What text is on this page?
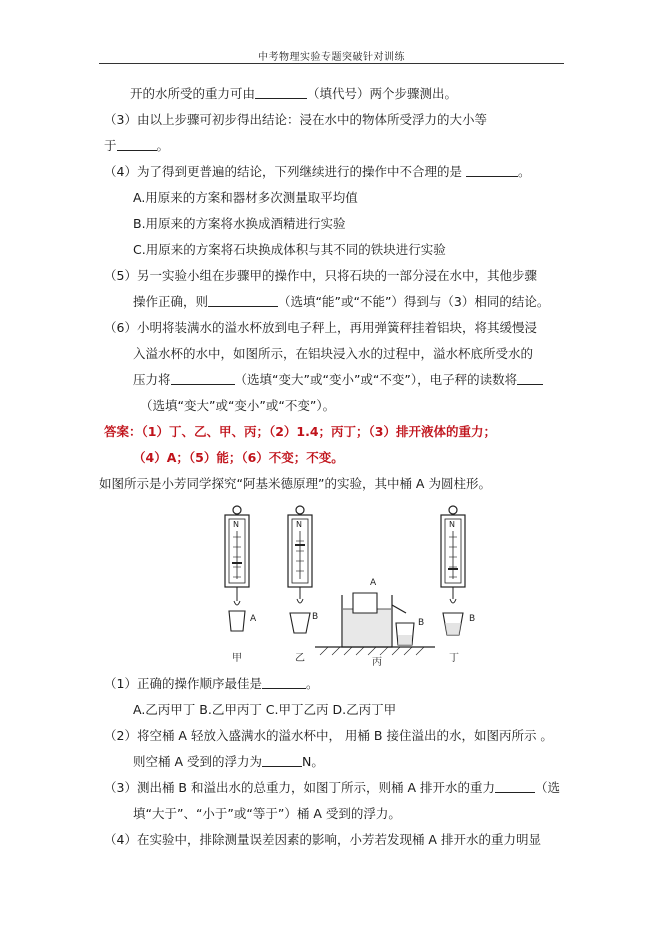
中考物理实验专题突破针对训练
开的水所受的重力可由	（填代号）两个步骤测出。
（3）由以上步骤可初步得出结论：浸在水中的物体所受浮力的大小等
于	。
（4）为了得到更普遍的结论，下列继续进行的操作中不合理的是	。
A.用原来的方案和器材多次测量取平均值
B.用原来的方案将水换成酒精进行实验
C.用原来的方案将石块换成体积与其不同的铁块进行实验
（5）另一实验小组在步骤甲的操作中，只将石块的一部分浸在水中，其他步骤
操作正确，则	（选填“能”或“不能”）得到与（3）相同的结论。
（6）小明将装满水的溢水杯放到电子秤上，再用弹簧秤挂着铝块，将其缓慢浸
入溢水杯的水中，如图所示，在铝块浸入水的过程中，溢水杯底所受水的
压力将	（选填“变大”或“变小”或“不变”），电子秤的读数将
（选填“变大”或“变小”或“不变”）。
答案：（1）丁、乙、甲、丙；（2）1.4；丙丁；（3）排开液体的重力；
（4）A；（5）能；（6）不变；不变。
如图所示是小芳同学探究“阿基米德原理”的实验，其中桶 A 为圆柱形。
N
A
甲
N
B
乙
A
B
丙
N
B
丁
（1）正确的操作顺序最佳是	。
A.乙丙甲丁 B.乙甲丙丁 C.甲丁乙丙 D.乙丙丁甲
（2）将空桶 A 轻放入盛满水的溢水杯中， 用桶 B 接住溢出的水，如图丙所示 。
则空桶 A 受到的浮力为	N。
（3）测出桶 B 和溢出水的总重力，如图丁所示，则桶 A 排开水的重力	（选
填“大于”、“小于”或“等于”）桶 A 受到的浮力。
（4）在实验中，排除测量误差因素的影响，小芳若发现桶 A 排开水的重力明显
